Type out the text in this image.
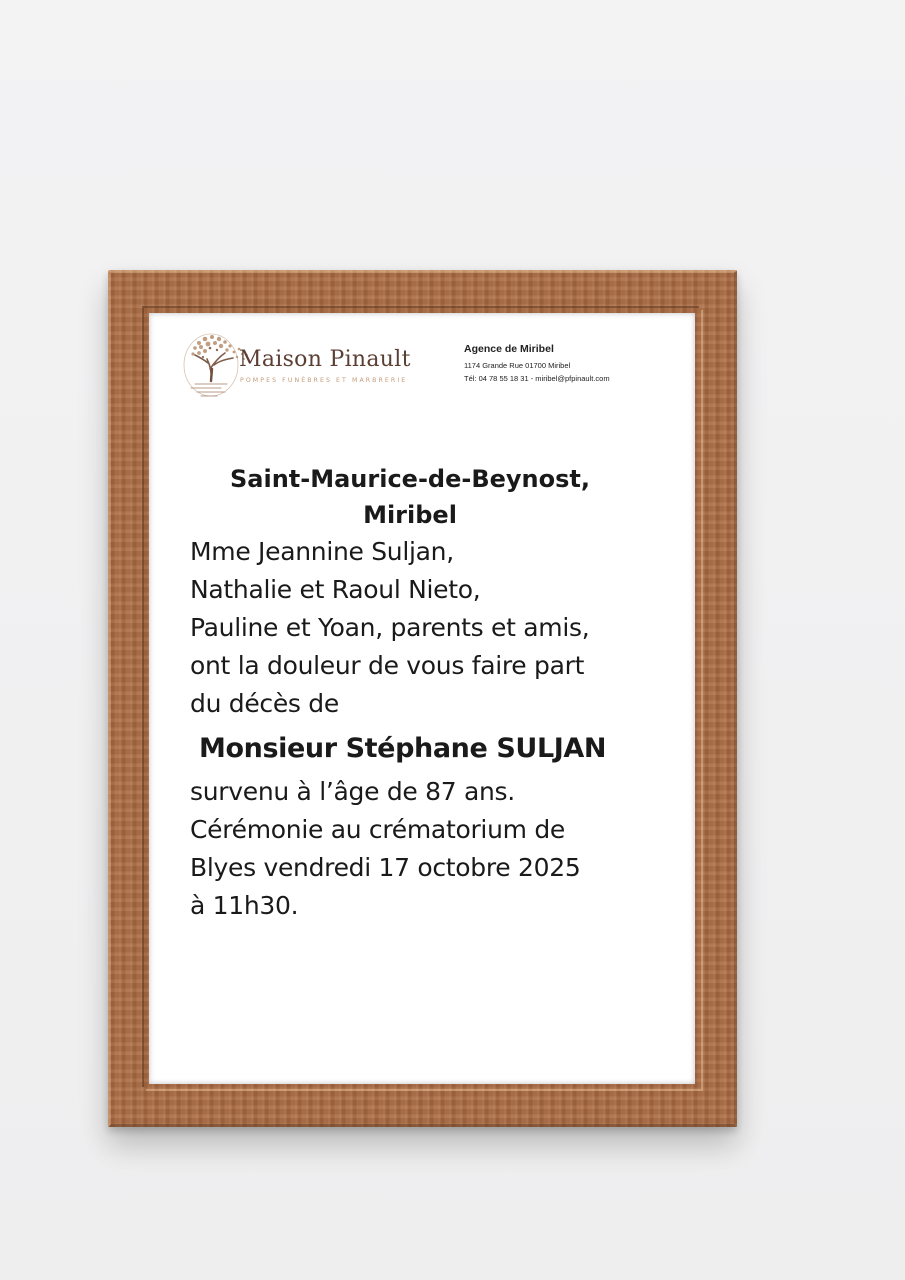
Maison Pinault
POMPES FUNÈBRES ET MARBRERIE
Agence de Miribel
1174 Grande Rue 01700 Miribel
Tél: 04 78 55 18 31 - miribel@pfpinault.com
Saint-Maurice-de-Beynost,
Miribel
Mme Jeannine Suljan,
Nathalie et Raoul Nieto,
Pauline et Yoan, parents et amis,
ont la douleur de vous faire part
du décès de
Monsieur Stéphane SULJAN
survenu à l’âge de 87 ans.
Cérémonie au crématorium de
Blyes vendredi 17 octobre 2025
à 11h30.
